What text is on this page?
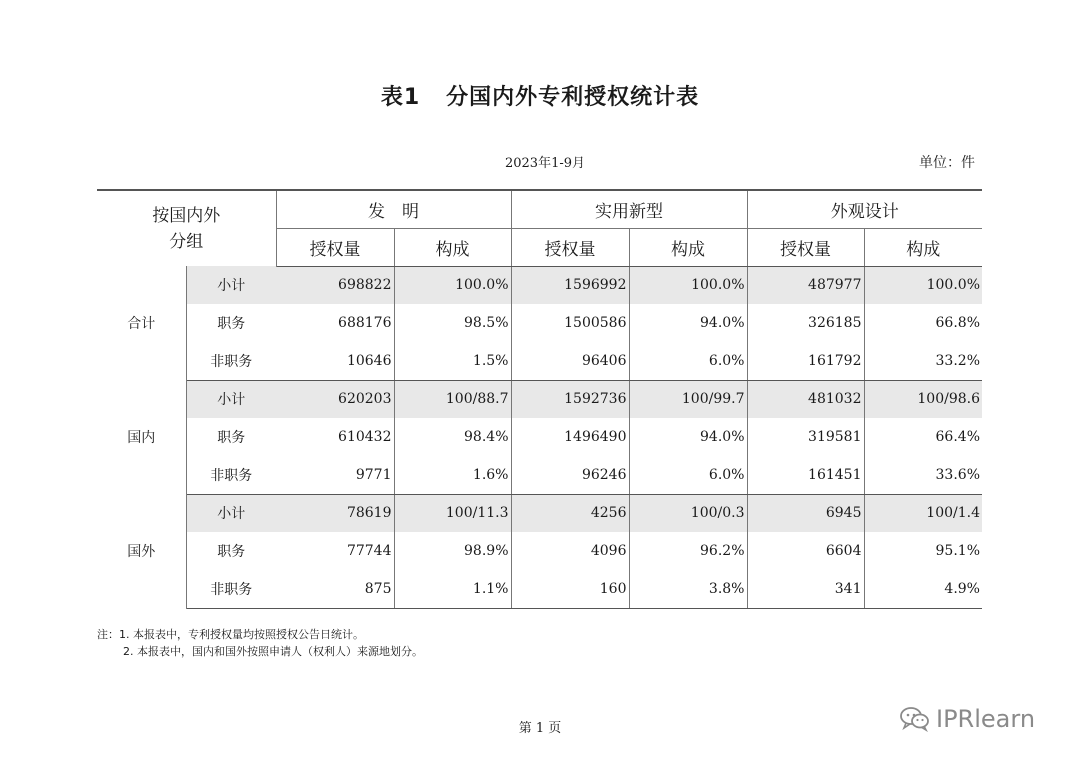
表1 分国内外专利授权统计表
2023年1-9月	单位：件
按国内外
分组		发　明		实用新型		外观设计	
		授权量	构成	授权量	构成	授权量	构成
合计	小计	698822	100.0%	1596992	100.0%	487977	100.0%
	职务	688176	98.5%	1500586	94.0%	326185	66.8%
	非职务	10646	1.5%	96406	6.0%	161792	33.2%
国内	小计	620203	100/88.7	1592736	100/99.7	481032	100/98.6
	职务	610432	98.4%	1496490	94.0%	319581	66.4%
	非职务	9771	1.6%	96246	6.0%	161451	33.6%
国外	小计	78619	100/11.3	4256	100/0.3	6945	100/1.4
	职务	77744	98.9%	4096	96.2%	6604	95.1%
	非职务	875	1.1%	160	3.8%	341	4.9%
注：1. 本报表中，专利授权量均按照授权公告日统计。
2. 本报表中，国内和国外按照申请人（权利人）来源地划分。
第 1 页	IPRlearn
